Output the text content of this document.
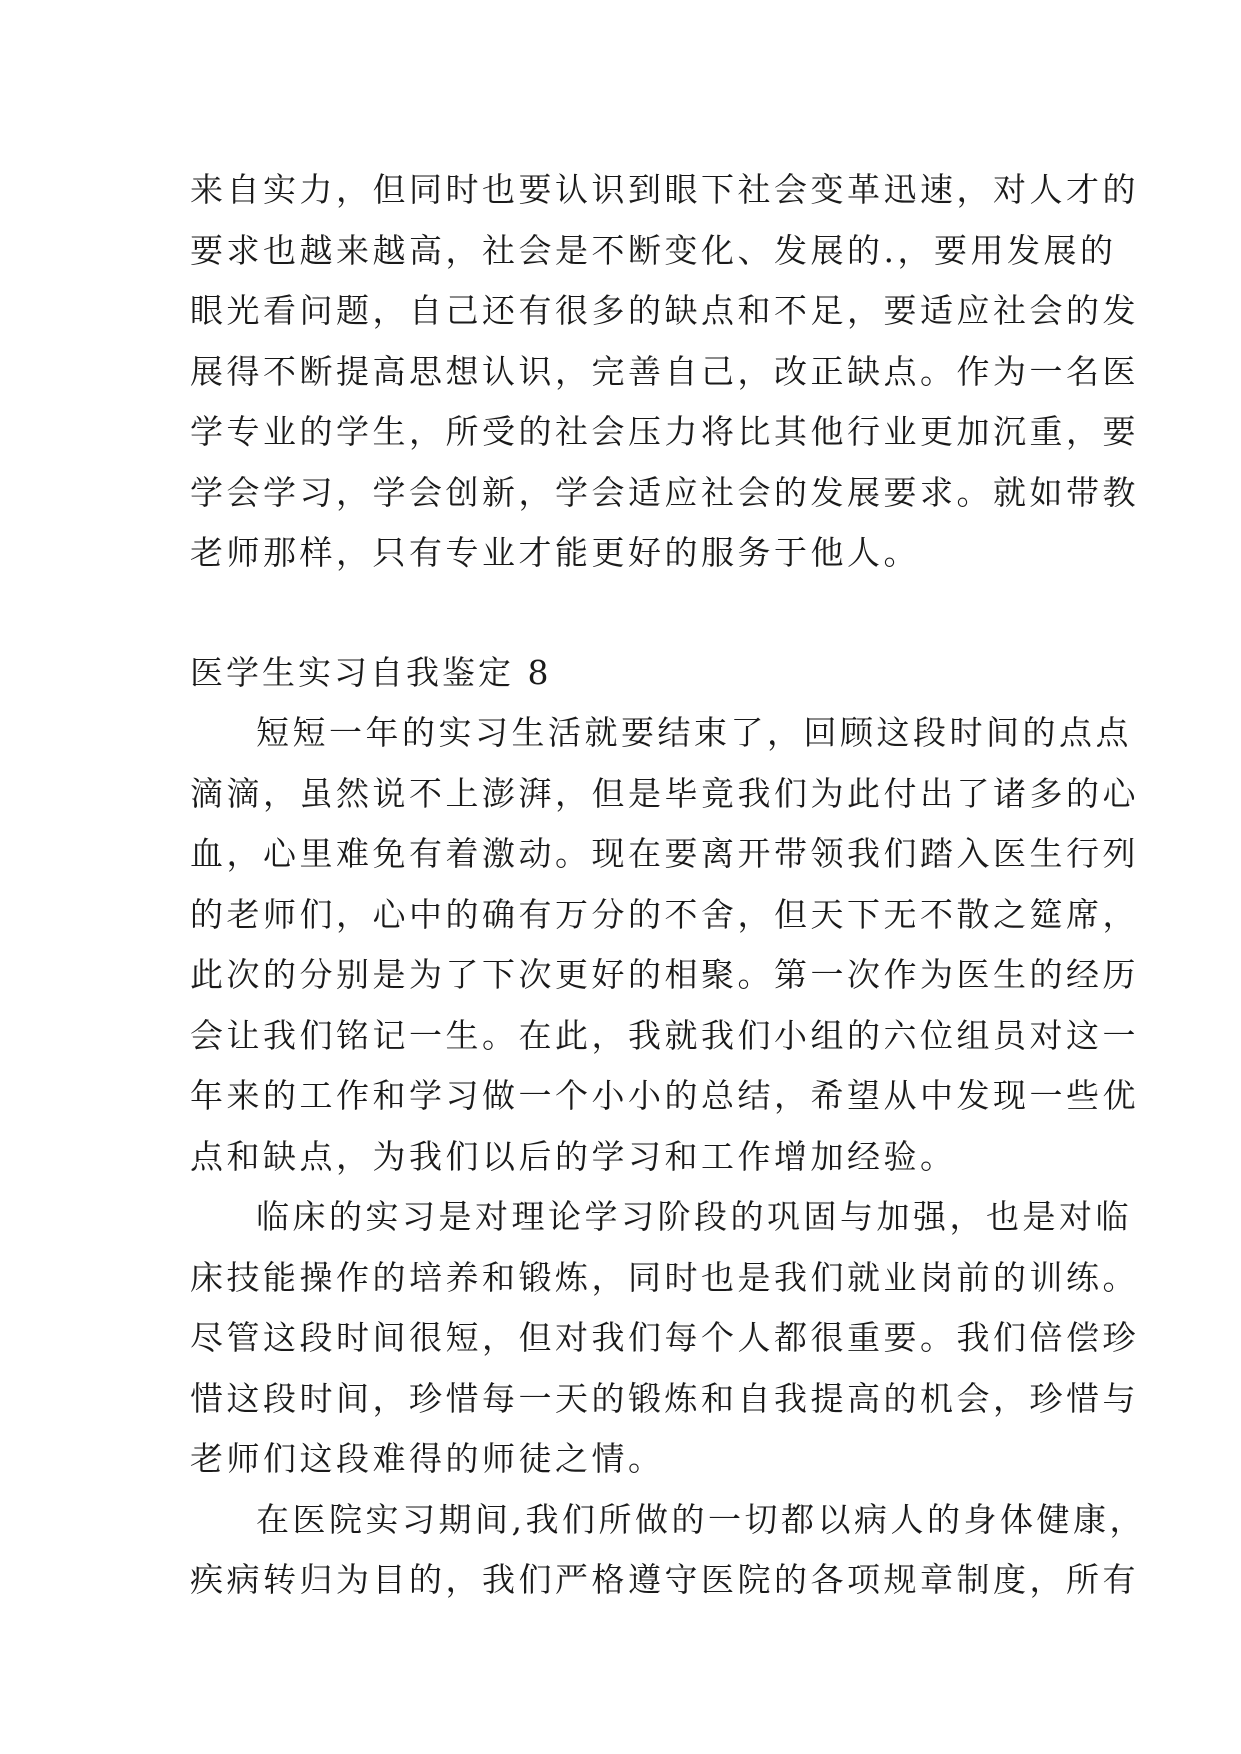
来自实力，但同时也要认识到眼下社会变革迅速，对人才的
要求也越来越高，社会是不断变化、发展的.，要用发展的
眼光看问题，自己还有很多的缺点和不足，要适应社会的发
展得不断提高思想认识，完善自己，改正缺点。作为一名医
学专业的学生，所受的社会压力将比其他行业更加沉重，要
学会学习，学会创新，学会适应社会的发展要求。就如带教
老师那样，只有专业才能更好的服务于他人。
医学生实习自我鉴定 8
短短一年的实习生活就要结束了，回顾这段时间的点点
滴滴，虽然说不上澎湃，但是毕竟我们为此付出了诸多的心
血，心里难免有着激动。现在要离开带领我们踏入医生行列
的老师们，心中的确有万分的不舍，但天下无不散之筵席，
此次的分别是为了下次更好的相聚。第一次作为医生的经历
会让我们铭记一生。在此，我就我们小组的六位组员对这一
年来的工作和学习做一个小小的总结，希望从中发现一些优
点和缺点，为我们以后的学习和工作增加经验。
临床的实习是对理论学习阶段的巩固与加强，也是对临
床技能操作的培养和锻炼，同时也是我们就业岗前的训练。
尽管这段时间很短，但对我们每个人都很重要。我们倍偿珍
惜这段时间，珍惜每一天的锻炼和自我提高的机会，珍惜与
老师们这段难得的师徒之情。
在医院实习期间,我们所做的一切都以病人的身体健康，
疾病转归为目的，我们严格遵守医院的各项规章制度，所有
